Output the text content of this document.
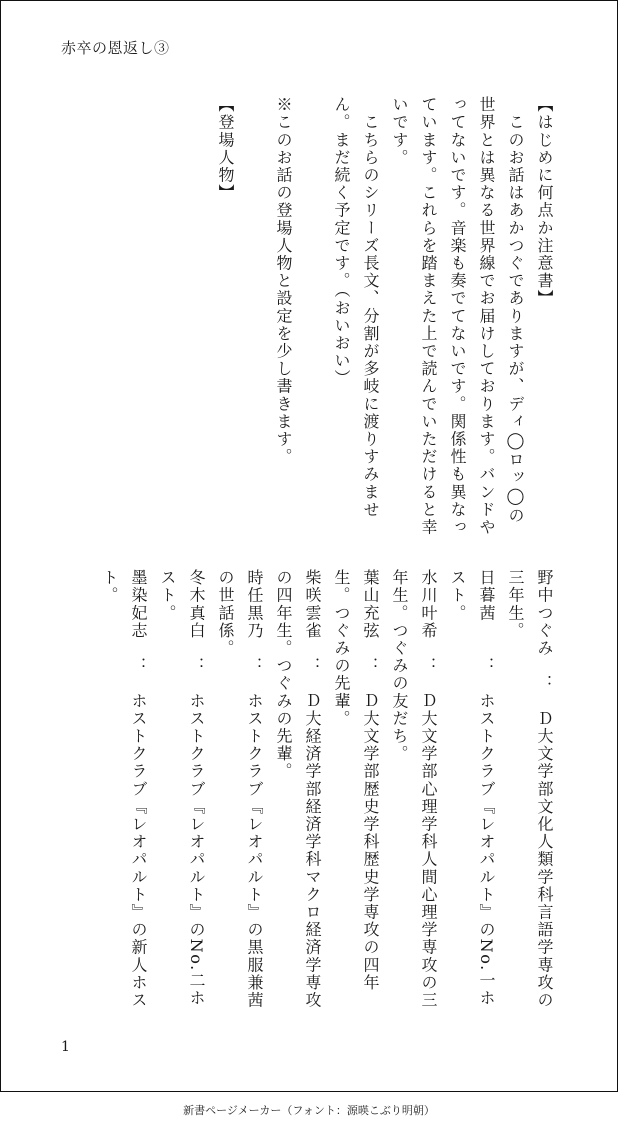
赤卒の恩返し③

【はじめに何点か注意書】

　このお話はあかつぐでありますが、ディ◯ロッ◯の世界とは異なる世界線でお届けしております。バンドやってないです。音楽も奏でてないです。関係性も異なっています。これらを踏まえた上で読んでいただけると幸いです。

　こちらのシリーズ長文、分割が多岐に渡りすみません。まだ続く予定です。（おいおい）

※このお話の登場人物と設定を少し書きます。

【登場人物】

野中つぐみ　：　Ｄ大文学部文化人類学科言語学専攻の三年生。

日暮茜　　：　ホストクラブ『レオパルト』のNo.一ホスト。

水川叶希　：　Ｄ大文学部心理学科人間心理学専攻の三年生。つぐみの友だち。

葉山充弦　：　Ｄ大文学部歴史学科歴史学専攻の四年生。つぐみの先輩。

柴咲雲雀　：　Ｄ大経済学部経済学科マクロ経済学専攻の四年生。つぐみの先輩。

時任黒乃　：　ホストクラブ『レオパルト』の黒服兼茜の世話係。

冬木真白　：　ホストクラブ『レオパルト』のNo.二ホスト。

墨染妃志　：　ホストクラブ『レオパルト』の新人ホスト。

1
新書ページメーカー（フォント：源暎こぶり明朝）
